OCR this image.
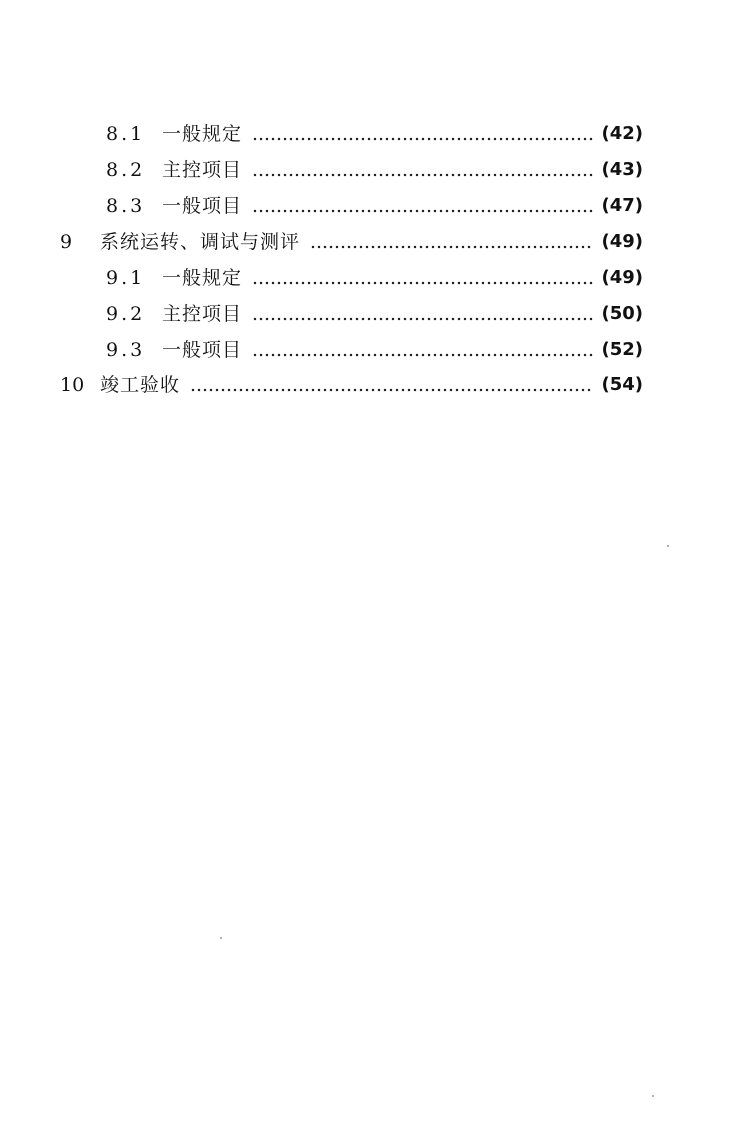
8.1 一般规定	(42)
8.2 主控项目	(43)
8.3 一般项目	(47)
9	系统运转、调试与测评	(49)
9.1 一般规定	(49)
9.2 主控项目	(50)
9.3 一般项目	(52)
10 竣工验收	(54)
